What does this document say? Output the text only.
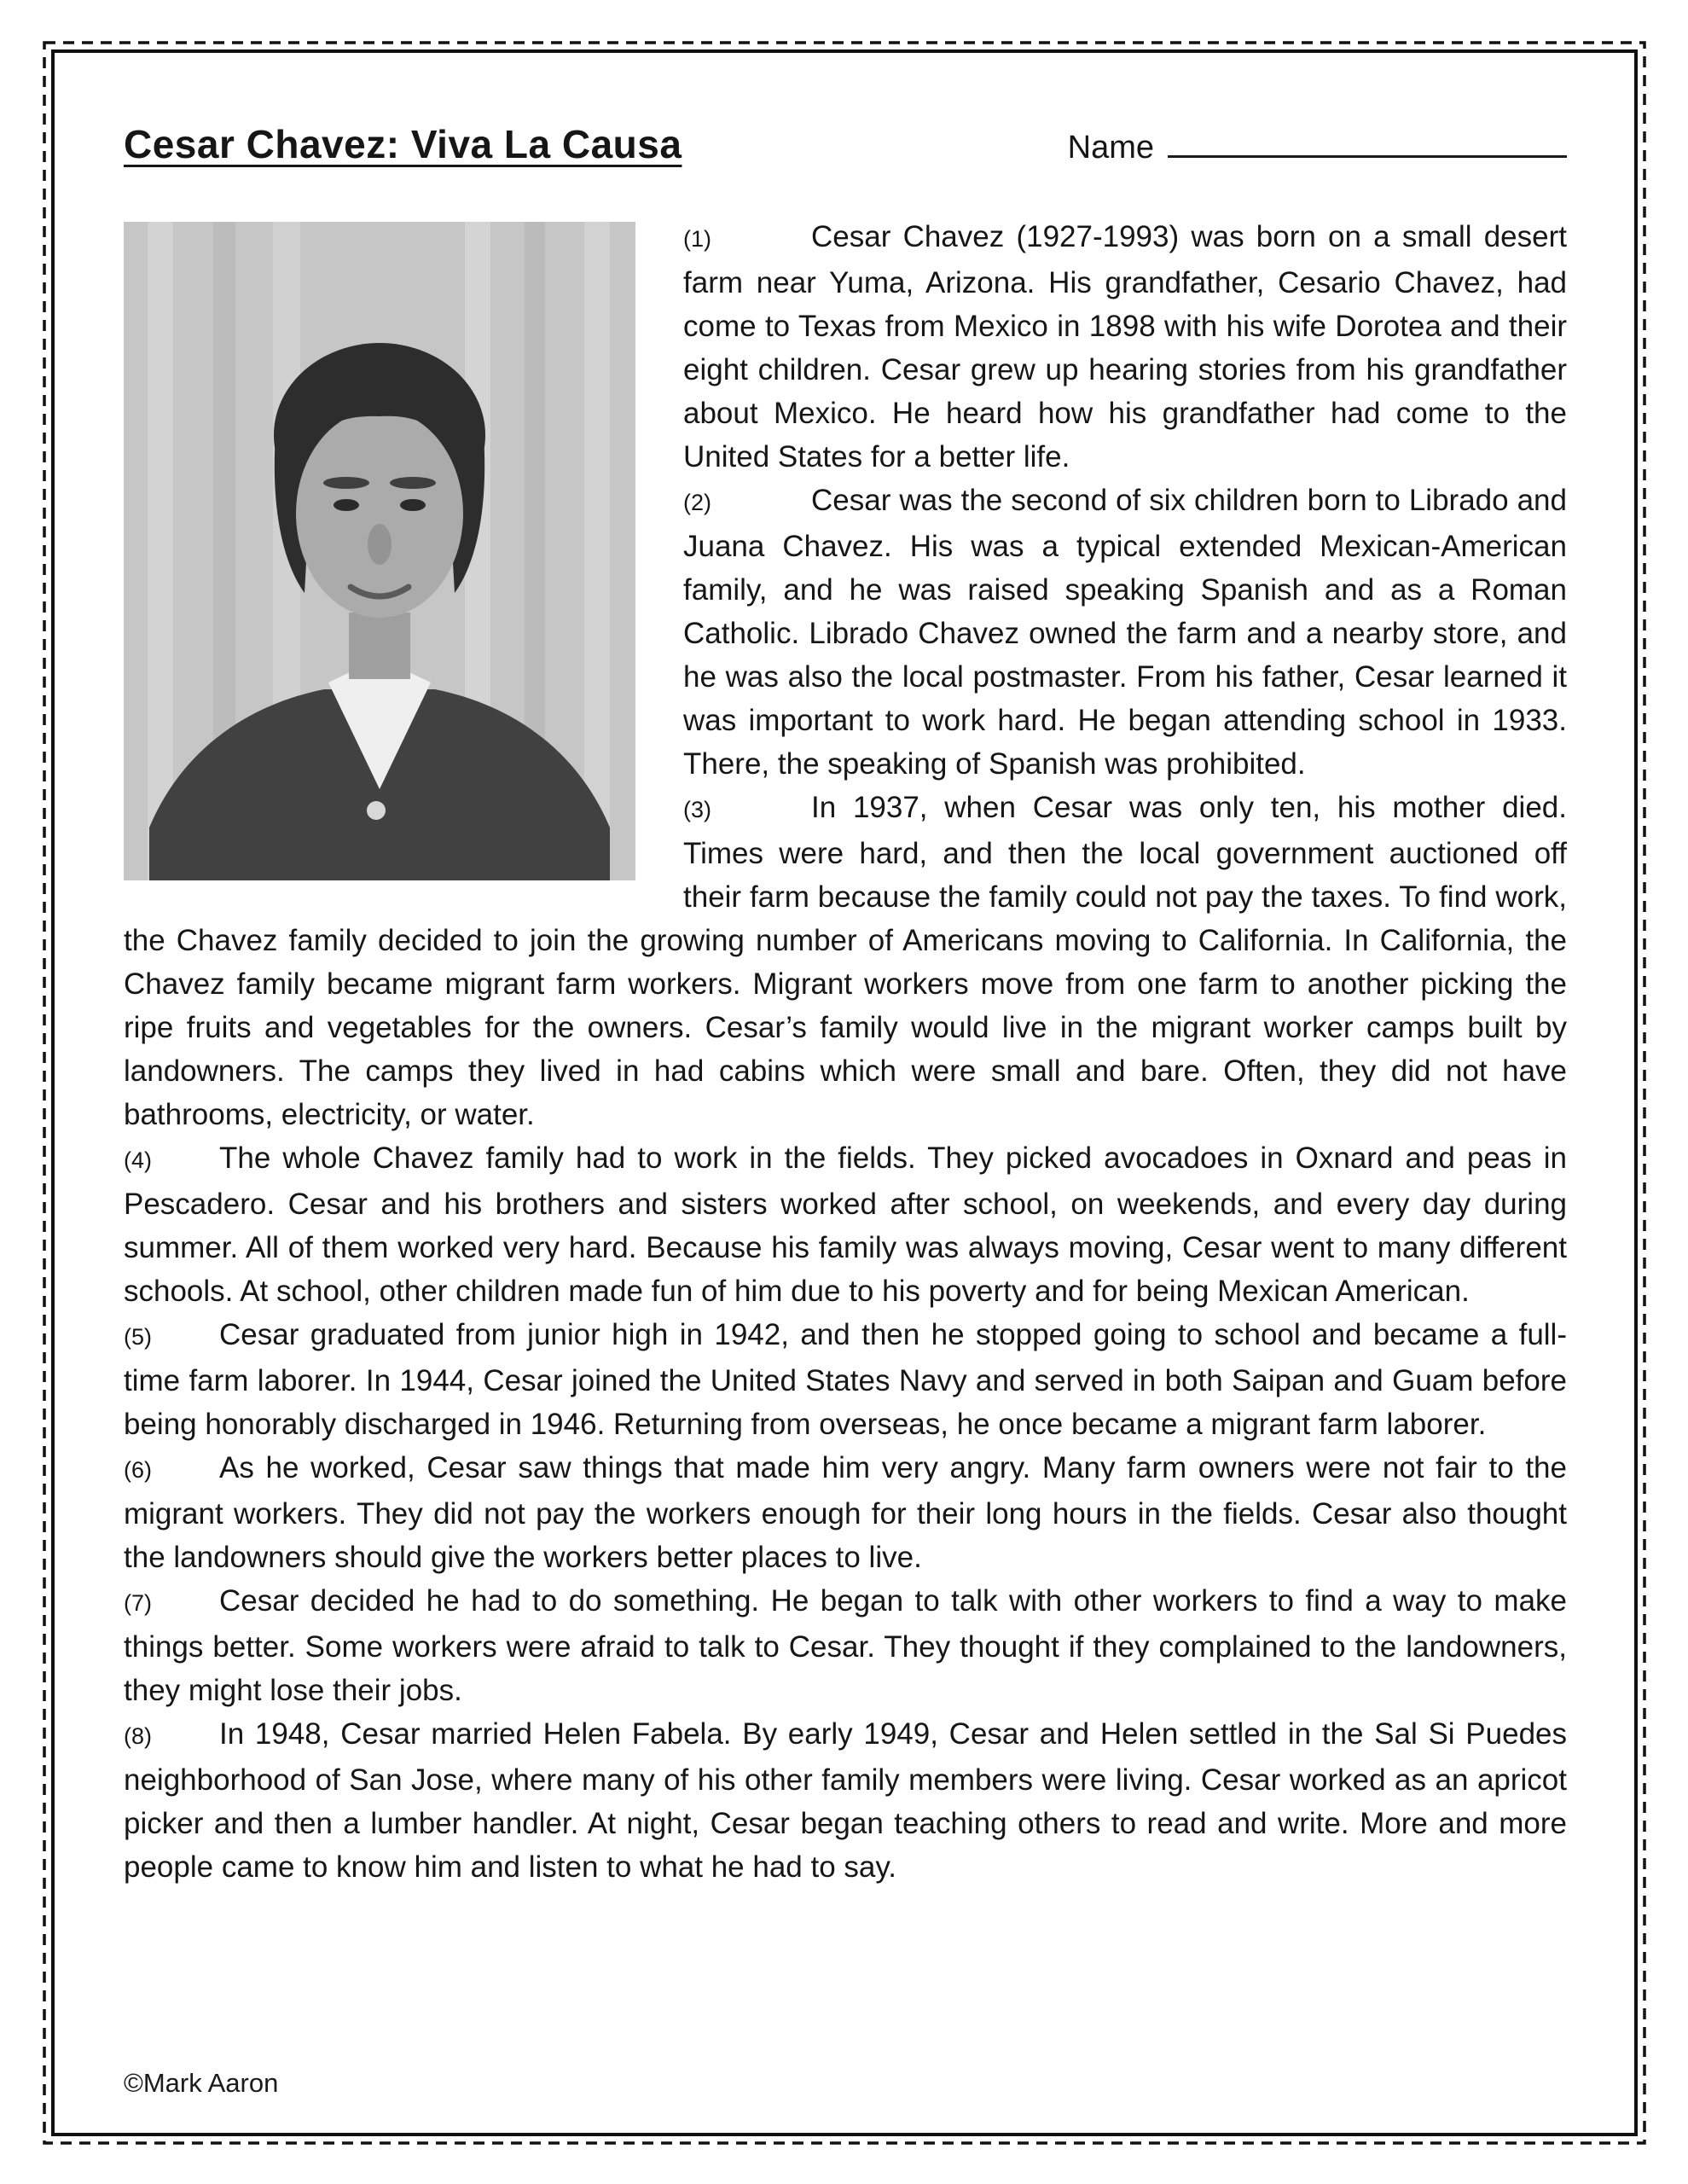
Cesar Chavez: Viva La Causa	Name

(1)	Cesar Chavez (1927-1993) was born on a small desert farm near Yuma, Arizona. His grandfather, Cesario Chavez, had come to Texas from Mexico in 1898 with his wife Dorotea and their eight children. Cesar grew up hearing stories from his grandfather about Mexico. He heard how his grandfather had come to the United States for a better life.

(2)	Cesar was the second of six children born to Librado and Juana Chavez. His was a typical extended Mexican-American family, and he was raised speaking Spanish and as a Roman Catholic. Librado Chavez owned the farm and a nearby store, and he was also the local postmaster. From his father, Cesar learned it was important to work hard. He began attending school in 1933. There, the speaking of Spanish was prohibited.

(3)	In 1937, when Cesar was only ten, his mother died. Times were hard, and then the local government auctioned off their farm because the family could not pay the taxes. To find work, the Chavez family decided to join the growing number of Americans moving to California. In California, the Chavez family became migrant farm workers. Migrant workers move from one farm to another picking the ripe fruits and vegetables for the owners. Cesar’s family would live in the migrant worker camps built by landowners. The camps they lived in had cabins which were small and bare. Often, they did not have bathrooms, electricity, or water.

(4) The whole Chavez family had to work in the fields. They picked avocadoes in Oxnard and peas in Pescadero. Cesar and his brothers and sisters worked after school, on weekends, and every day during summer. All of them worked very hard. Because his family was always moving, Cesar went to many different schools. At school, other children made fun of him due to his poverty and for being Mexican American.

(5) Cesar graduated from junior high in 1942, and then he stopped going to school and became a full-time farm laborer. In 1944, Cesar joined the United States Navy and served in both Saipan and Guam before being honorably discharged in 1946. Returning from overseas, he once became a migrant farm laborer.

(6) As he worked, Cesar saw things that made him very angry. Many farm owners were not fair to the migrant workers. They did not pay the workers enough for their long hours in the fields. Cesar also thought the landowners should give the workers better places to live.

(7) Cesar decided he had to do something. He began to talk with other workers to find a way to make things better. Some workers were afraid to talk to Cesar. They thought if they complained to the landowners, they might lose their jobs.

(8) In 1948, Cesar married Helen Fabela. By early 1949, Cesar and Helen settled in the Sal Si Puedes neighborhood of San Jose, where many of his other family members were living. Cesar worked as an apricot picker and then a lumber handler. At night, Cesar began teaching others to read and write. More and more people came to know him and listen to what he had to say.

©Mark Aaron
